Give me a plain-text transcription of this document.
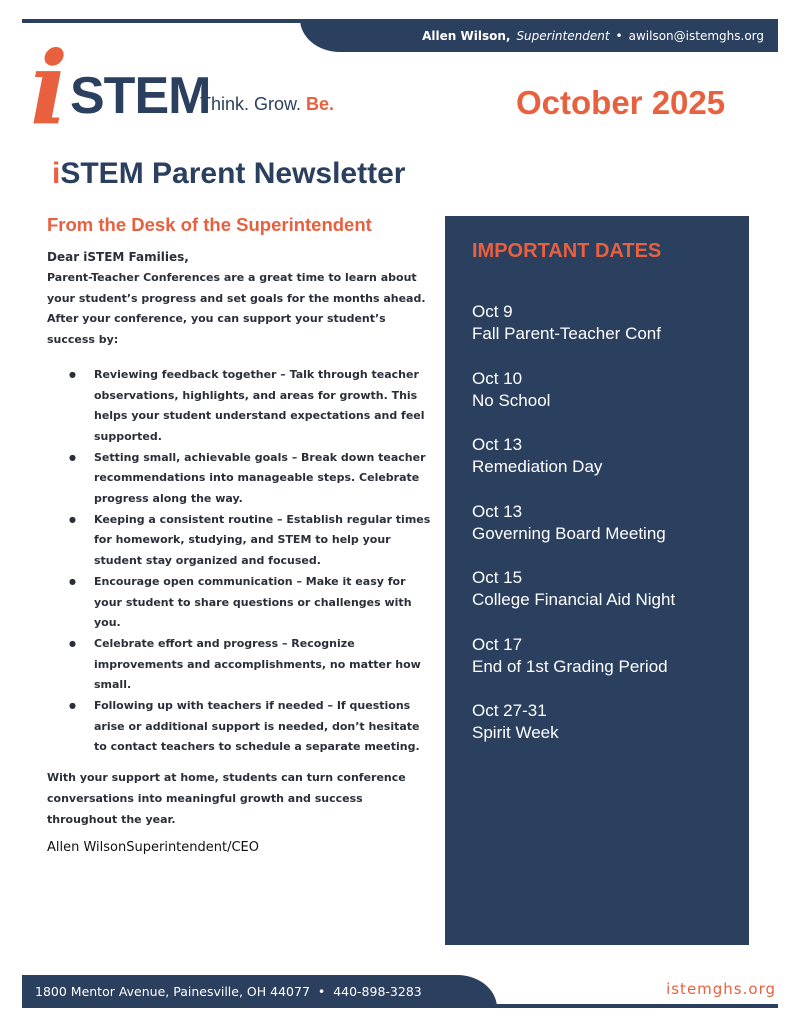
Allen Wilson, Superintendent • awilson@istemghs.org
i STEM
Think. Grow. Be.	October 2025
iSTEM Parent Newsletter
From the Desk of the Superintendent
Dear iSTEM Families,
Parent-Teacher Conferences are a great time to learn about your student’s progress and set goals for the months ahead. After your conference, you can support your student’s success by:
● Reviewing feedback together – Talk through teacher observations, highlights, and areas for growth. This helps your student understand expectations and feel supported.
● Setting small, achievable goals – Break down teacher recommendations into manageable steps. Celebrate progress along the way.
● Keeping a consistent routine – Establish regular times for homework, studying, and STEM to help your student stay organized and focused.
● Encourage open communication – Make it easy for your student to share questions or challenges with you.
● Celebrate effort and progress – Recognize improvements and accomplishments, no matter how small.
● Following up with teachers if needed – If questions arise or additional support is needed, don’t hesitate to contact teachers to schedule a separate meeting.
With your support at home, students can turn conference conversations into meaningful growth and success throughout the year.
Allen WilsonSuperintendent/CEO
IMPORTANT DATES
Oct 9
Fall Parent-Teacher Conf
Oct 10
No School
Oct 13
Remediation Day
Oct 13
Governing Board Meeting
Oct 15
College Financial Aid Night
Oct 17
End of 1st Grading Period
Oct 27-31
Spirit Week
1800 Mentor Avenue, Painesville, OH 44077
•
440-898-3283	istemghs.org
